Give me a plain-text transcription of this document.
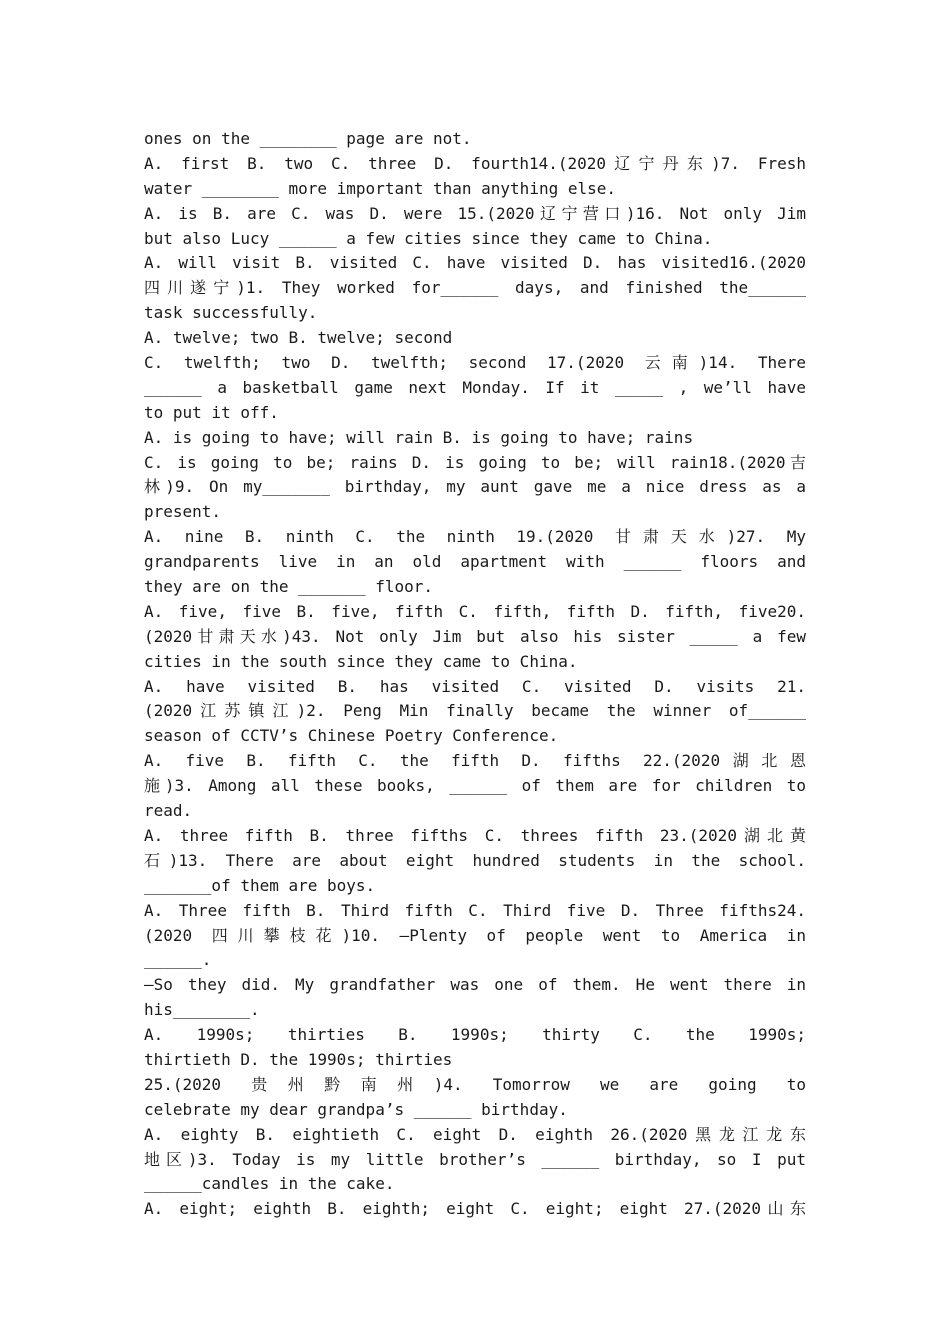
ones on the ________ page are not.
A. first B. two C. three D. fourth14.(2020辽宁丹东)7. Fresh
water ________ more important than anything else.
A. is B. are C. was D. were 15.(2020辽宁营口)16. Not only Jim
but also Lucy ______ a few cities since they came to China.
A. will visit B. visited C. have visited D. has visited16.(2020
四川遂宁)1. They worked for______ days, and finished the______
task successfully.
A. twelve; two B. twelve; second
C. twelfth; two D. twelfth; second 17.(2020 云南)14. There
______ a basketball game next Monday. If it _____ , we’ll have
to put it off.
A. is going to have; will rain B. is going to have; rains
C. is going to be; rains D. is going to be; will rain18.(2020吉
林)9. On my_______ birthday, my aunt gave me a nice dress as a
present.
A. nine B. ninth C. the ninth 19.(2020 甘肃天水)27. My
grandparents live in an old apartment with ______ floors and
they are on the _______ floor.
A. five, five B. five, fifth C. fifth, fifth D. fifth, five20.
(2020甘肃天水)43. Not only Jim but also his sister _____ a few
cities in the south since they came to China.
A. have visited B. has visited C. visited D. visits 21.
(2020江苏镇江)2. Peng Min finally became the winner of______
season of CCTV’s Chinese Poetry Conference.
A. five B. fifth C. the fifth D. fifths 22.(2020湖北恩
施)3. Among all these books, ______ of them are for children to
read.
A. three fifth B. three fifths C. threes fifth 23.(2020湖北黄
石)13. There are about eight hundred students in the school.
_______of them are boys.
A. Three fifth B. Third fifth C. Third five D. Three fifths24.
(2020 四川攀枝花)10. —Plenty of people went to America in
______.
—So they did. My grandfather was one of them. He went there in
his________.
A. 1990s; thirties B. 1990s; thirty C. the 1990s;
thirtieth D. the 1990s; thirties
25.(2020 贵州黔南州)4. Tomorrow we are going to
celebrate my dear grandpa’s ______ birthday.
A. eighty B. eightieth C. eight D. eighth 26.(2020黑龙江龙东
地区)3. Today is my little brother’s ______ birthday, so I put
______candles in the cake.
A. eight; eighth B. eighth; eight C. eight; eight 27.(2020山东
